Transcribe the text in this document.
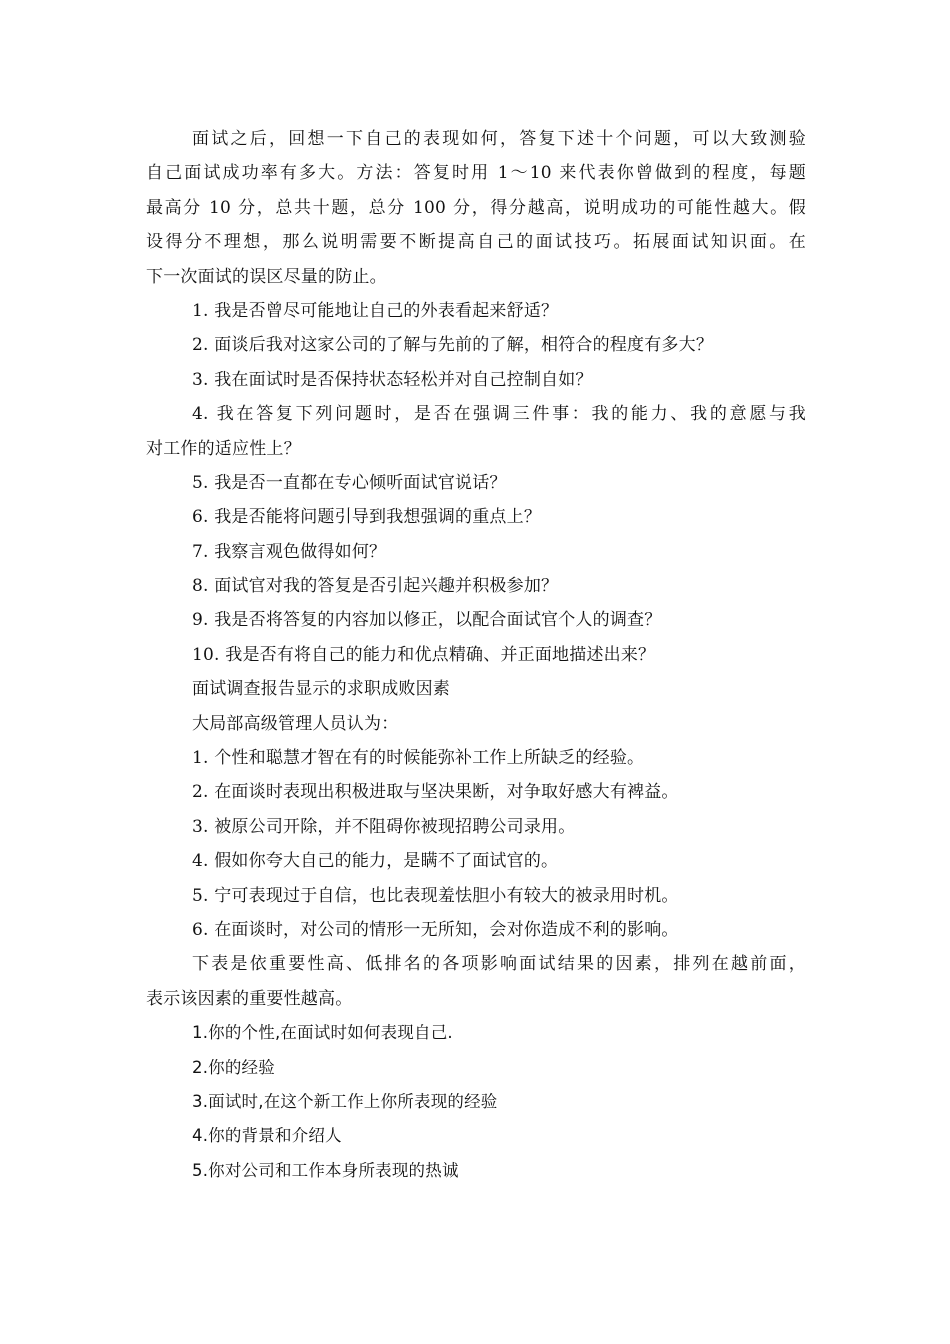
面试之后，回想一下自己的表现如何，答复下述十个问题，可以大致测验
自己面试成功率有多大。方法：答复时用 1～10 来代表你曾做到的程度，每题
最高分 10 分，总共十题，总分 100 分，得分越高，说明成功的可能性越大。假
设得分不理想，那么说明需要不断提高自己的面试技巧。拓展面试知识面。在
下一次面试的误区尽量的防止。
1. 我是否曾尽可能地让自己的外表看起来舒适？
2. 面谈后我对这家公司的了解与先前的了解，相符合的程度有多大？
3. 我在面试时是否保持状态轻松并对自己控制自如？
4. 我在答复下列问题时，是否在强调三件事：我的能力、我的意愿与我
对工作的适应性上？
5. 我是否一直都在专心倾听面试官说话？
6. 我是否能将问题引导到我想强调的重点上？
7. 我察言观色做得如何？
8. 面试官对我的答复是否引起兴趣并积极参加？
9. 我是否将答复的内容加以修正，以配合面试官个人的调查？
10. 我是否有将自己的能力和优点精确、并正面地描述出来？
面试调查报告显示的求职成败因素
大局部高级管理人员认为：
1. 个性和聪慧才智在有的时候能弥补工作上所缺乏的经验。
2. 在面谈时表现出积极进取与坚决果断，对争取好感大有裨益。
3. 被原公司开除，并不阻碍你被现招聘公司录用。
4. 假如你夸大自己的能力，是瞒不了面试官的。
5. 宁可表现过于自信，也比表现羞怯胆小有较大的被录用时机。
6. 在面谈时，对公司的情形一无所知，会对你造成不利的影响。
下表是依重要性高、低排名的各项影响面试结果的因素，排列在越前面，
表示该因素的重要性越高。
1.你的个性,在面试时如何表现自己.
2.你的经验
3.面试时,在这个新工作上你所表现的经验
4.你的背景和介绍人
5.你对公司和工作本身所表现的热诚
